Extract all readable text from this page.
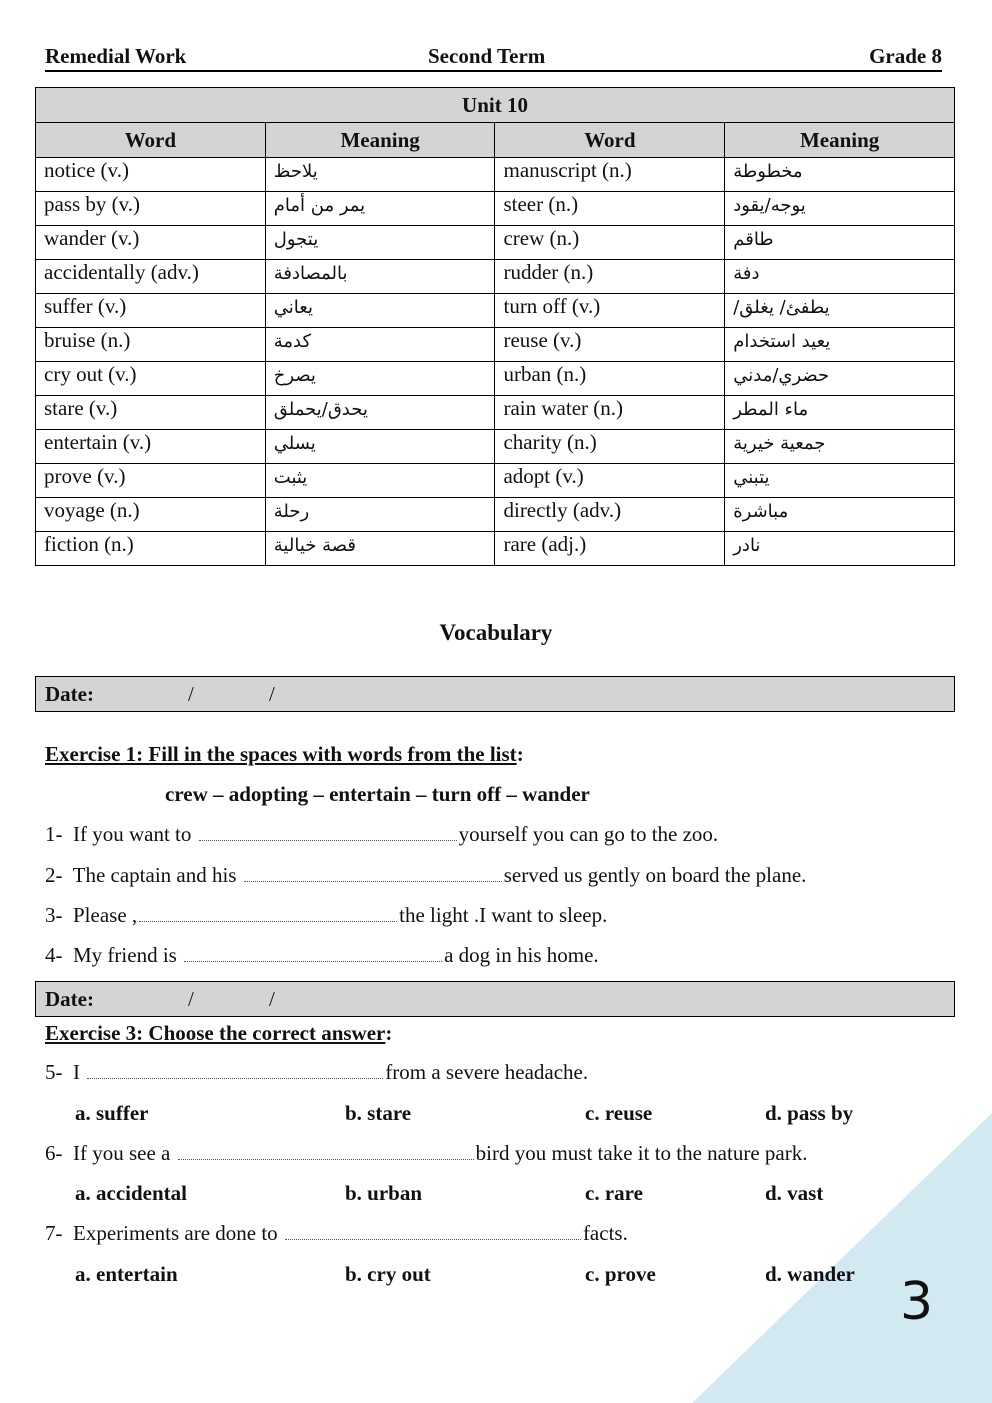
Remedial Work	Second Term	Grade 8
Unit 10			
Word	Meaning	Word	Meaning
notice (v.)	يلاحظ	manuscript (n.)	مخطوطة
pass by (v.)	يمر من أمام	steer (n.)	يوجه/يقود
wander (v.)	يتجول	crew (n.)	طاقم
accidentally (adv.)	بالمصادفة	rudder (n.)	دفة
suffer (v.)	يعاني	turn off (v.)	يطفئ/ يغلق/
bruise (n.)	كدمة	reuse (v.)	يعيد استخدام
cry out (v.)	يصرخ	urban (n.)	حضري/مدني
stare (v.)	يحدق/يحملق	rain water (n.)	ماء المطر
entertain (v.)	يسلي	charity (n.)	جمعية خيرية
prove (v.)	يثبت	adopt (v.)	يتبني
voyage (n.)	رحلة	directly (adv.)	مباشرة
fiction (n.)	قصة خيالية	rare (adj.)	نادر
Vocabulary
Date:	/	/
Exercise 1: Fill in the spaces with words from the list:
crew – adopting – entertain – turn off – wander
1- If you want to	yourself you can go to the zoo.
2- The captain and his	served us gently on board the plane.
3- Please ,	the light .I want to sleep.
4- My friend is	a dog in his home.
Date:	/	/
Exercise 3: Choose the correct answer:
5- I	from a severe headache.
a. suffer	b. stare	c. reuse	d. pass by
6- If you see a	bird you must take it to the nature park.
a. accidental	b. urban	c. rare	d. vast
7- Experiments are done to	facts.
a. entertain	b. cry out	c. prove	d. wander 3
